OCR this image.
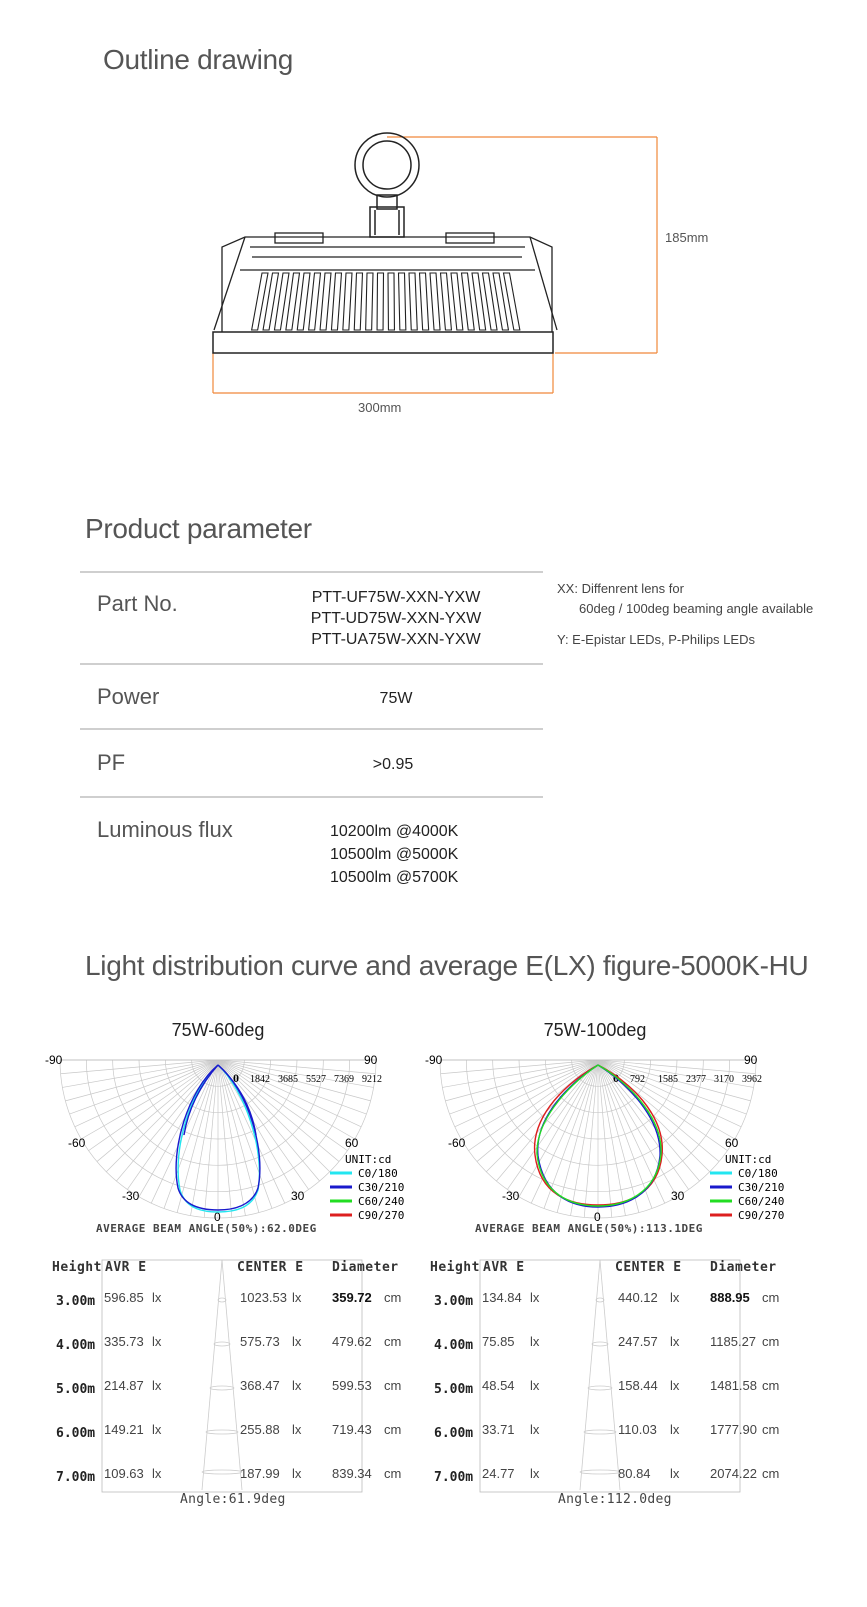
Outline drawing
185mm
300mm
Product parameter
Part No.	PTT-UF75W-XXN-YXW
PTT-UD75W-XXN-YXW
PTT-UA75W-XXN-YXW
Power	75W
PF	>0.95
Luminous flux	10200lm @4000K
10500lm @5000K
10500lm @5700K
XX: Diffenrent lens for
60deg / 100deg beaming angle available
Y: E-Epistar LEDs, P-Philips LEDs
Light distribution curve and average E(LX) figure-5000K-HU
75W-60deg
-90	90
-60	60
-30	30
0
0 1842 3685 5527 7369 9212
UNIT:cd
C0/180
C30/210
C60/240
C90/270
AVERAGE BEAM ANGLE(50%):62.0DEG
75W-100deg
-90	90
-60	60
-30	30
0
0 792 1585 2377 3170 3962
UNIT:cd
C0/180
C30/210
C60/240
C90/270
AVERAGE BEAM ANGLE(50%):113.1DEG
Height AVR E	CENTER E Diameter
3.00m 596.85 lx	1023.53 lx 359.72 cm
4.00m 335.73 lx	575.73 lx 479.62 cm
5.00m 214.87 lx	368.47 lx 599.53 cm
6.00m 149.21 lx	255.88 lx 719.43 cm
7.00m 109.63 lx	187.99 lx 839.34 cm
Angle:61.9deg
Height AVR E	CENTER E Diameter
3.00m 134.84 lx	440.12 lx 888.95 cm
4.00m 75.85 lx	247.57 lx 1185.27 cm
5.00m 48.54 lx	158.44 lx 1481.58 cm
6.00m 33.71 lx	110.03 lx 1777.90 cm
7.00m 24.77 lx	80.84 lx 2074.22 cm
Angle:112.0deg
